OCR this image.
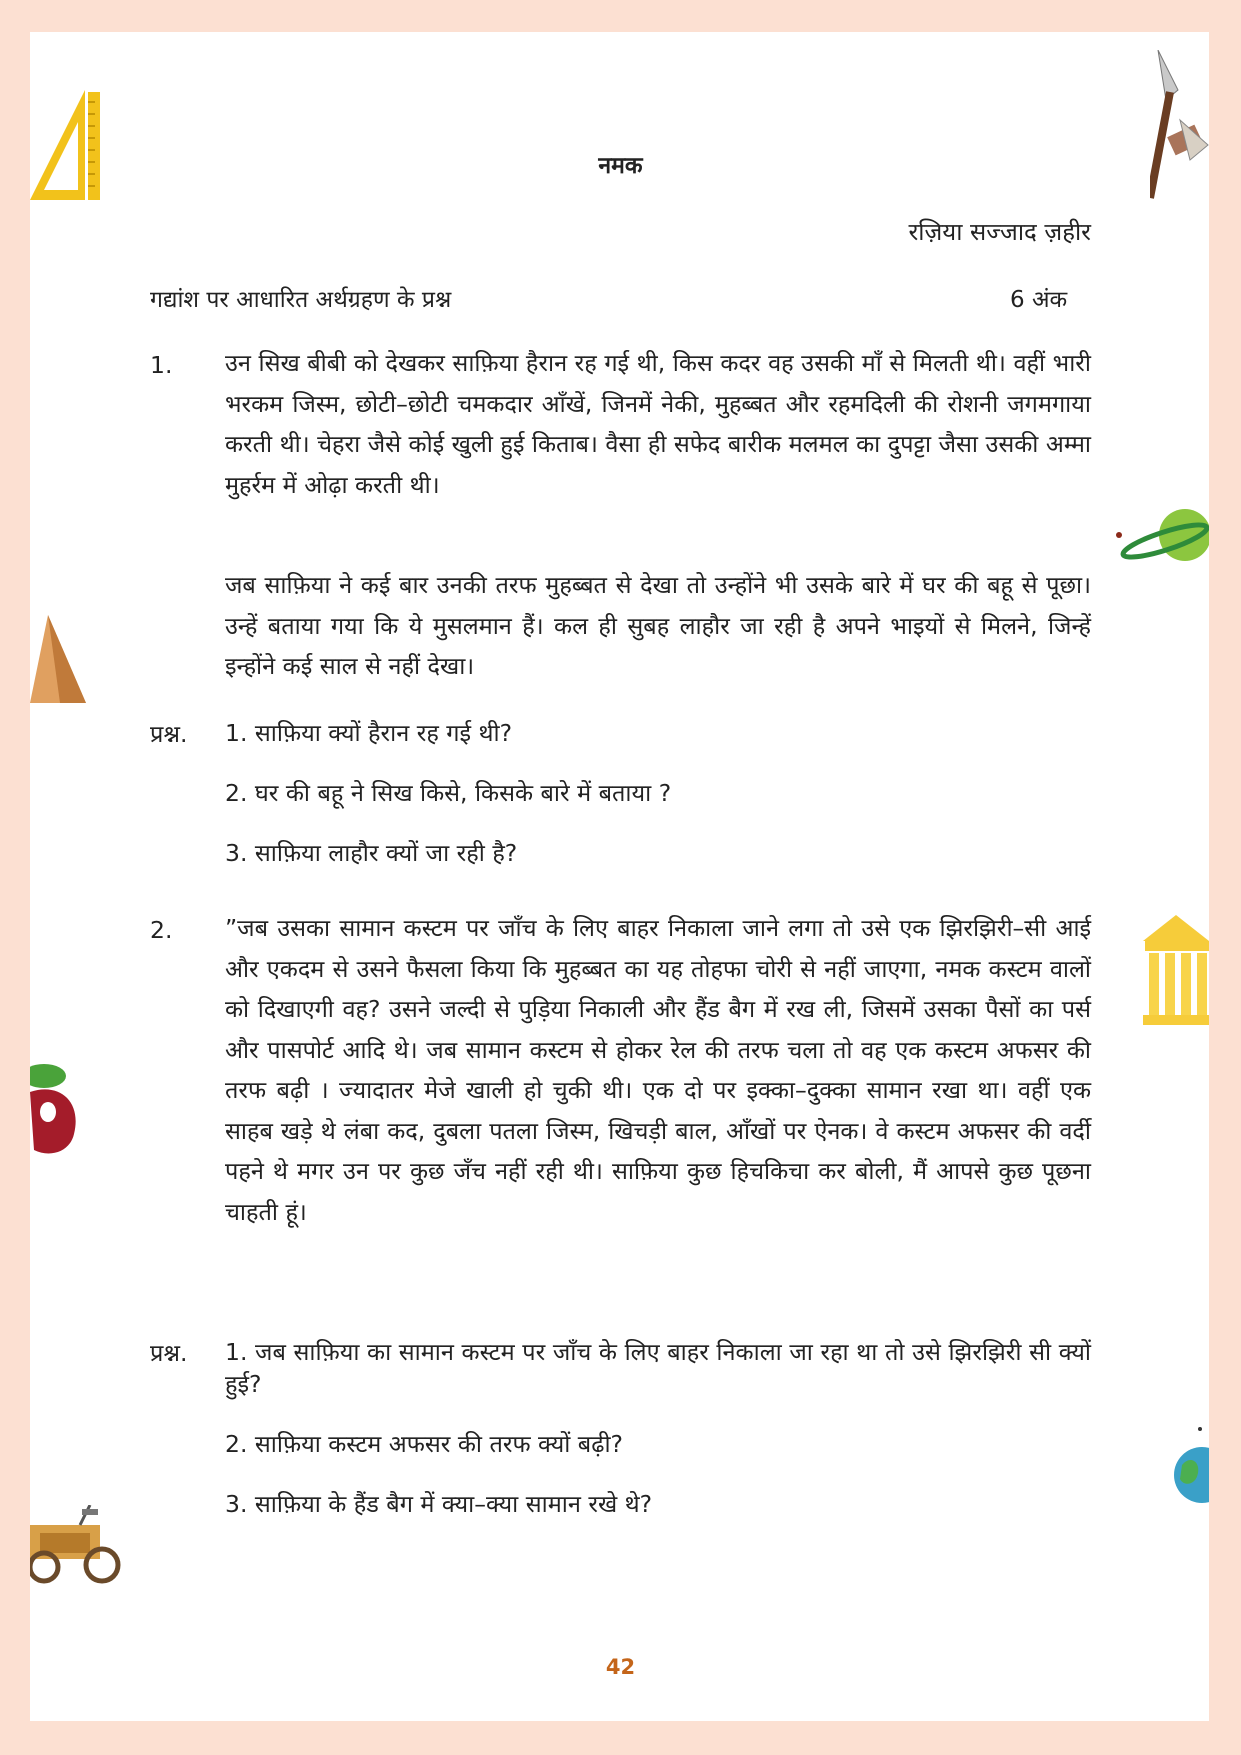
नमक
रज़िया सज्जाद ज़हीर
गद्यांश पर आधारित अर्थग्रहण के प्रश्न	6 अंक
1. उन सिख बीबी को देखकर साफ़िया हैरान रह गई थी, किस कदर वह उसकी माँ से मिलती थी। वहीं भारी भरकम जिस्म, छोटी–छोटी चमकदार आँखें, जिनमें नेकी, मुहब्बत और रहमदिली की रोशनी जगमगाया करती थी। चेहरा जैसे कोई खुली हुई किताब। वैसा ही सफेद बारीक मलमल का दुपट्टा जैसा उसकी अम्मा मुहर्रम में ओढ़ा करती थी।

जब साफ़िया ने कई बार उनकी तरफ मुहब्बत से देखा तो उन्होंने भी उसके बारे में घर की बहू से पूछा। उन्हें बताया गया कि ये मुसलमान हैं। कल ही सुबह लाहौर जा रही है अपने भाइयों से मिलने, जिन्हें इन्होंने कई साल से नहीं देखा।

प्रश्न. 1. साफ़िया क्यों हैरान रह गई थी?

2. घर की बहू ने सिख किसे, किसके बारे में बताया ?

3. साफ़िया लाहौर क्यों जा रही है?

2. ”जब उसका सामान कस्टम पर जाँच के लिए बाहर निकाला जाने लगा तो उसे एक झिरझिरी–सी आई और एकदम से उसने फैसला किया कि मुहब्बत का यह तोहफा चोरी से नहीं जाएगा, नमक कस्टम वालों को दिखाएगी वह? उसने जल्दी से पुड़िया निकाली और हैंड बैग में रख ली, जिसमें उसका पैसों का पर्स और पासपोर्ट आदि थे। जब सामान कस्टम से होकर रेल की तरफ चला तो वह एक कस्टम अफसर की तरफ बढ़ी । ज्यादातर मेजे खाली हो चुकी थी। एक दो पर इक्का–दुक्का सामान रखा था। वहीं एक साहब खड़े थे लंबा कद, दुबला पतला जिस्म, खिचड़ी बाल, आँखों पर ऐनक। वे कस्टम अफसर की वर्दी पहने थे मगर उन पर कुछ जँच नहीं रही थी। साफ़िया कुछ हिचकिचा कर बोली, मैं आपसे कुछ पूछना चाहती हूं।

प्रश्न. 1. जब साफ़िया का सामान कस्टम पर जाँच के लिए बाहर निकाला जा रहा था तो उसे झिरझिरी सी क्यों हुई?

2. साफ़िया कस्टम अफसर की तरफ क्यों बढ़ी?

3. साफ़िया के हैंड बैग में क्या–क्या सामान रखे थे?

42
